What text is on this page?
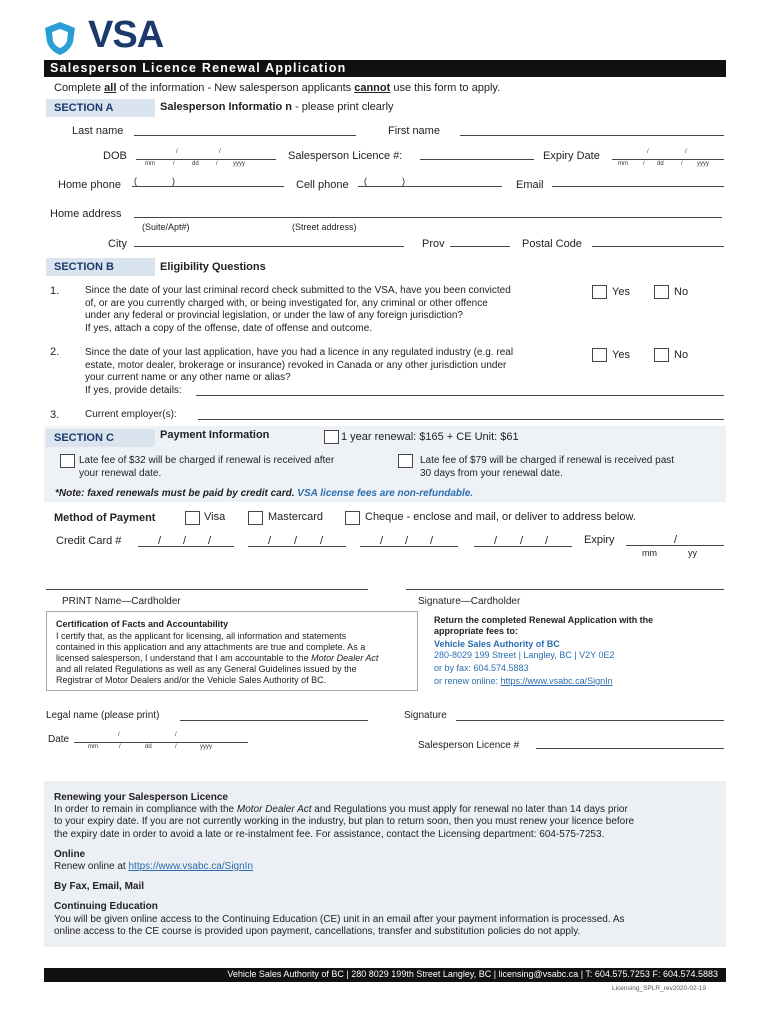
VSA
Salesperson Licence Renewal Application
Complete all of the information - New salesperson applicants cannot use this form to apply.
SECTION A	Salesperson Informatio n - please print clearly
Last name	First name
DOB	/	/
mm	/	dd	/	yyyy
Salesperson Licence #:	Expiry Date	/	/
mm	/ dd	/ yyyy
Home phone (	)	Cell phone (	)	Email
Home address
(Suite/Apt#)	(Street address)
City	Prov	Postal Code
SECTION B	Eligibility Questions
1.	Since the date of your last criminal record check submitted to the VSA, have you been convicted
of, or are you currently charged with, or being investigated for, any criminal or other offence
under any federal or provincial legislation, or under the law of any foreign jurisdiction?
If yes, attach a copy of the offense, date of offense and outcome.
Yes	No
2.	Since the date of your last application, have you had a licence in any regulated industry (e.g. real
estate, motor dealer, brokerage or insurance) revoked in Canada or any other jurisdiction under
your current name or any other name or alias?
If yes, provide details:
Yes	No
3.	Current employer(s):
SECTION C	Payment Information	1 year renewal: $165 + CE Unit: $61
Late fee of $32 will be charged if renewal is received after
your renewal date.
Late fee of $79 will be charged if renewal is received past
30 days from your renewal date.
*Note: faxed renewals must be paid by credit card. VSA license fees are non-refundable.
Method of Payment	Visa	Mastercard	Cheque - enclose and mail, or deliver to address below.
Credit Card #	/ / /	/ / /	/ / /	/ / /	Expiry	/
mm	yy
PRINT Name—Cardholder	Signature—Cardholder
Certification of Facts and Accountability
I certify that, as the applicant for licensing, all information and statements
contained in this application and any attachments are true and complete. As a
licensed salesperson, I understand that I am accountable to the Motor Dealer Act
and all related Regulations as well as any General Guidelines issued by the
Registrar of Motor Dealers and/or the Vehicle Sales Authority of BC.
Return the completed Renewal Application with the
appropriate fees to:
Vehicle Sales Authority of BC
280-8029 199 Street | Langley, BC | V2Y 0E2
or by fax: 604.574.5883
or renew online: https://www.vsabc.ca/SignIn
Legal name (please print)	Signature
Date	/	/
mm	/	dd	/	yyyy	Salesperson Licence #
Renewing your Salesperson Licence
In order to remain in compliance with the Motor Dealer Act and Regulations you must apply for renewal no later than 14 days prior
to your expiry date. If you are not currently working in the industry, but plan to return soon, then you must renew your licence before
the expiry date in order to avoid a late or re-instalment fee. For assistance, contact the Licensing department: 604-575-7253.
Online
Renew online at https://www.vsabc.ca/SignIn
By Fax, Email, Mail
Continuing Education
You will be given online access to the Continuing Education (CE) unit in an email after your payment information is processed. As
online access to the CE course is provided upon payment, cancellations, transfer and substitution policies do not apply.
Vehicle Sales Authority of BC | 280 8029 199th Street Langley, BC | licensing@vsabc.ca | T: 604.575.7253 F: 604.574.5883
Licensing_SPLR_rev2020-02-19
